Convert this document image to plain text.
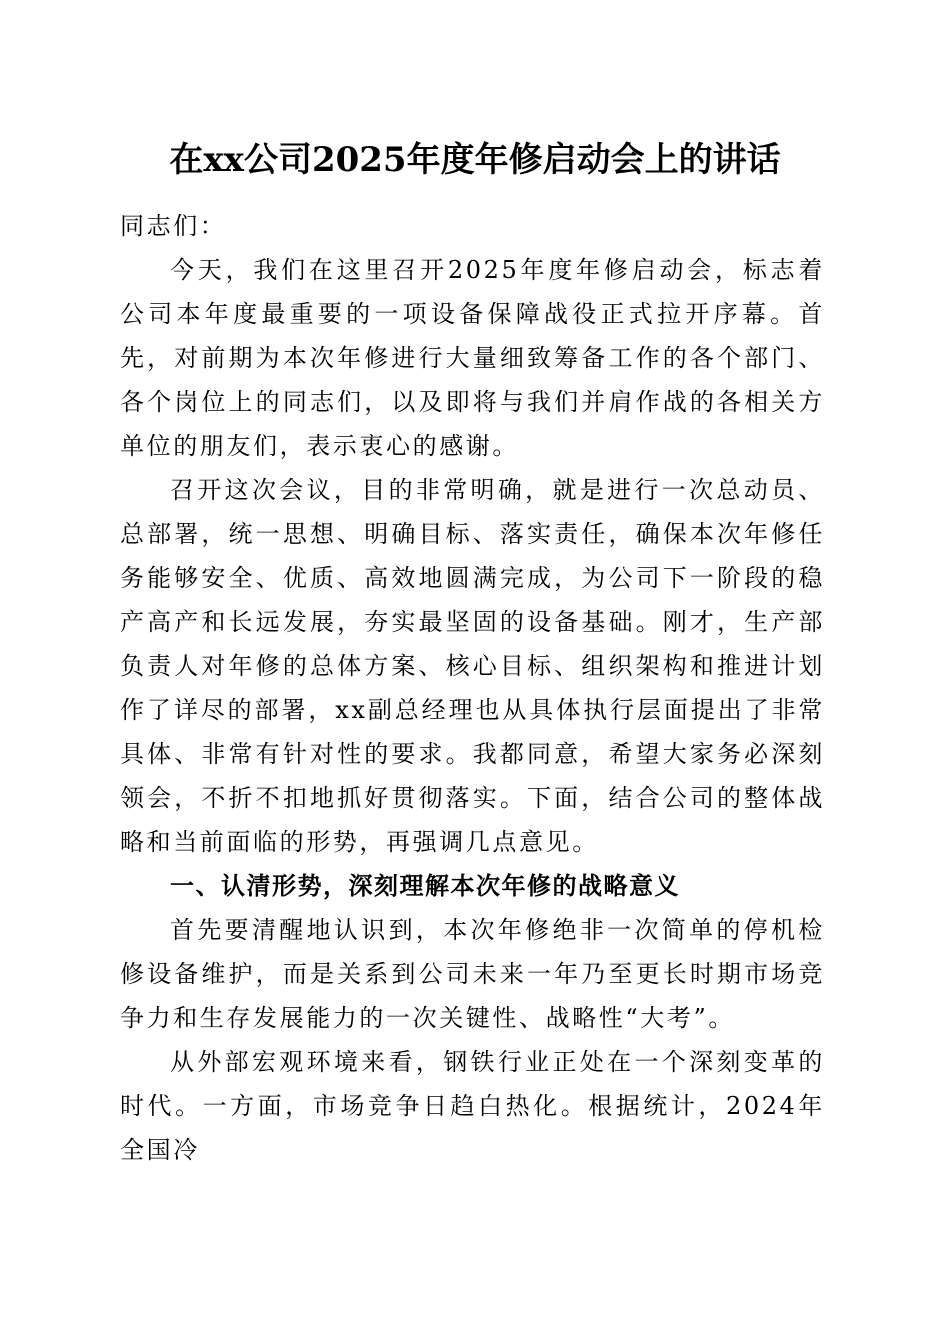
在xx公司2025年度年修启动会上的讲话

同志们：

今天，我们在这里召开2025年度年修启动会，标志着公司本年度最重要的一项设备保障战役正式拉开序幕。首先，对前期为本次年修进行大量细致筹备工作的各个部门、各个岗位上的同志们，以及即将与我们并肩作战的各相关方单位的朋友们，表示衷心的感谢。

召开这次会议，目的非常明确，就是进行一次总动员、总部署，统一思想、明确目标、落实责任，确保本次年修任务能够安全、优质、高效地圆满完成，为公司下一阶段的稳产高产和长远发展，夯实最坚固的设备基础。刚才，生产部负责人对年修的总体方案、核心目标、组织架构和推进计划作了详尽的部署，xx副总经理也从具体执行层面提出了非常具体、非常有针对性的要求。我都同意，希望大家务必深刻领会，不折不扣地抓好贯彻落实。下面，结合公司的整体战略和当前面临的形势，再强调几点意见。

一、认清形势，深刻理解本次年修的战略意义

首先要清醒地认识到，本次年修绝非一次简单的停机检修设备维护，而是关系到公司未来一年乃至更长时期市场竞争力和生存发展能力的一次关键性、战略性“大考”。

从外部宏观环境来看，钢铁行业正处在一个深刻变革的时代。一方面，市场竞争日趋白热化。根据统计，2024年全国冷
